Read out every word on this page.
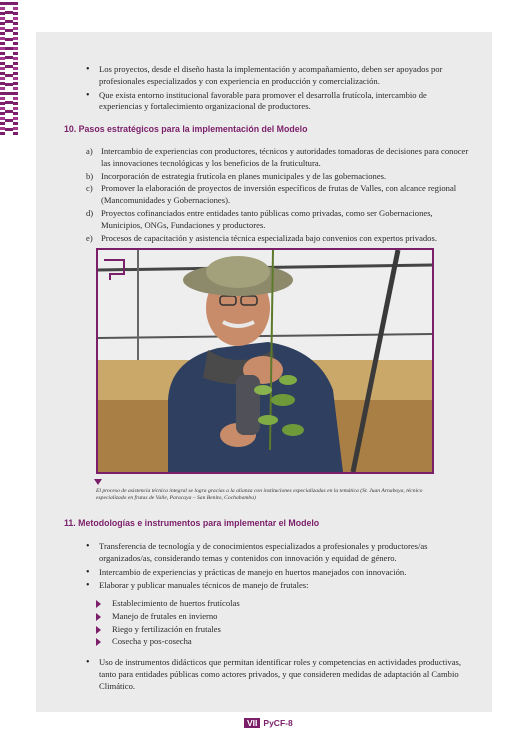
• Los proyectos, desde el diseño hasta la implementación y acompañamiento, deben ser apoyados por profesionales especializados y con experiencia en producción y comercialización.
• Que exista entorno institucional favorable para promover el desarrolla frutícola, intercambio de experiencias y fortalecimiento organizacional de productores.
10. Pasos estratégicos para la implementación del Modelo
a) Intercambio de experiencias con productores, técnicos y autoridades tomadoras de decisiones para conocer las innovaciones tecnológicas y los beneficios de la fruticultura.
b) Incorporación de estrategia frutícola en planes municipales y de las gobernaciones.
c) Promover la elaboración de proyectos de inversión específicos de frutas de Valles, con alcance regional (Mancomunidades y Gobernaciones).
d) Proyectos cofinanciados entre entidades tanto públicas como privadas, como ser Gobernaciones, Municipios, ONGs, Fundaciones y productores.
e) Procesos de capacitación y asistencia técnica especializada bajo convenios con expertos privados.
El proceso de asistencia técnica integral se logra gracias a la alianza con instituciones especializadas en la temática (Sr. Juan Arnaboya, técnico especializado en frutas de Valle, Paracaya – San Benito, Cochabamba)
11. Metodologías e instrumentos para implementar el Modelo
• Transferencia de tecnología y de conocimientos especializados a profesionales y productores/as organizados/as, considerando temas y contenidos con innovación y equidad de género.
• Intercambio de experiencias y prácticas de manejo en huertos manejados con innovación.
• Elaborar y publicar manuales técnicos de manejo de frutales:
Establecimiento de huertos frutícolas
Manejo de frutales en invierno
Riego y fertilización en frutales
Cosecha y pos-cosecha
• Uso de instrumentos didácticos que permitan identificar roles y competencias en actividades productivas, tanto para entidades públicas como actores privados, y que consideren medidas de adaptación al Cambio Climático.
VII PyCF-8
